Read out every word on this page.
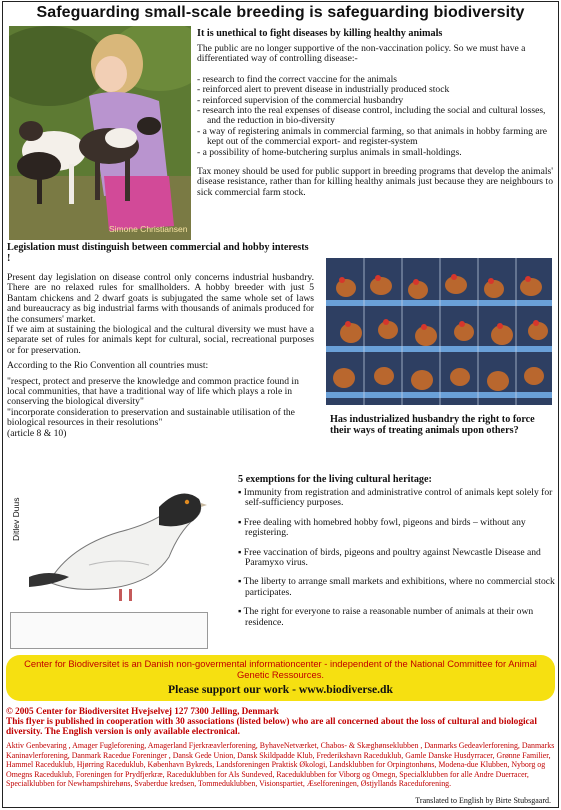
Safeguarding small-scale breeding is safeguarding biodiversity
Simone Christiansen

It is unethical to fight diseases by killing healthy animals

The public are no longer supportive of the non-vaccination policy. So we must have a differentiated way of controlling disease:-

- research to find the correct vaccine for the animals
- reinforced alert to prevent disease in industrially produced stock
- reinforced supervision of the commercial husbandry
- research into the real expenses of disease control, including the social and cultural losses, and the reduction in bio-diversity
- a way of registering animals in commercial farming, so that animals in hobby farming are kept out of the commercial export- and register-system
- a possibility of home-butchering surplus animals in small-holdings.

Tax money should be used for public support in breeding programs that develop the animals' disease resistance, rather than for killing healthy animals just because they are neighbours to sick commercial farm stock.

Legislation must distinguish between commercial and hobby interests !

Present day legislation on disease control only concerns industrial husbandry. There are no relaxed rules for smallholders. A hobby breeder with just 5 Bantam chickens and 2 dwarf goats is subjugated the same whole set of laws and bureaucracy as big industrial farms with thousands of animals produced for the consumers' market.

If we aim at sustaining the biological and the cultural diversity we must have a separate set of rules for animals kept for cultural, social, recreational purposes or for preservation.

According to the Rio Convention all countries must:

"respect, protect and preserve the knowledge and common practice found in local communities, that have a traditional way of life which plays a role in conserving the biological diversity"

"incorporate consideration to preservation and sustainable utilisation of the biological resources in their resolutions"

(article 8 & 10)

Has industrialized husbandry the right to force their ways of treating animals upon others?
Ditlev Duus

5 exemptions for the living cultural heritage:

▪ Immunity from registration and administrative control of animals kept solely for self-sufficiency purposes.
▪ Free dealing with homebred hobby fowl, pigeons and birds – without any registering.
▪ Free vaccination of birds, pigeons and poultry against Newcastle Disease and Paramyxo virus.
▪ The liberty to arrange small markets and exhibitions, where no commercial stock participates.
▪ The right for everyone to raise a reasonable number of animals at their own residence.
Center for Biodiversitet is an Danish non-govermental informationcenter - independent of the National Committee for Animal Genetic Ressources.
Please support our work - www.biodiverse.dk
© 2005 Center for Biodiversitet Hvejselvej 127 7300 Jelling, Denmark
This flyer is published in cooperation with 30 associations (listed below) who are all concerned about the loss of cultural and biological diversity. The English version is only available electronical.
Aktiv Genbevaring , Amager Fugleforening, Amagerland Fjerkræavlerforening, ByhaveNetværket, Chabos- & Skæghønseklubben , Danmarks Gedeavlerforening, Danmarks Kaninavlerforening, Danmark Racedue Foreninger , Dansk Gede Union, Dansk Skildpadde Klub, Frederikshavn Raceduklub, Gamle Danske Husdyrracer, Grønne Familier, Hammel Raceduklub, Hjørring Raceduklub, København Bykreds, Landsforeningen Praktisk Økologi, Landsklubben for Orpingtonhøns, Modena-due Klubben, Nyborg og Omegns Raceduklub, Foreningen for Prydfjerkræ, Raceduklubben for Als Sundeved, Raceduklubben for Viborg og Omegn, Specialklubben for alle Andre Duerracer, Specialklubben for Newhampshirehøns, Svaberdue kredsen, Tommeduklubben, Visionspartiet, Æselforeningen, Østjyllands Raceduforening.
Translated to English by Birte Stubsgaard.
